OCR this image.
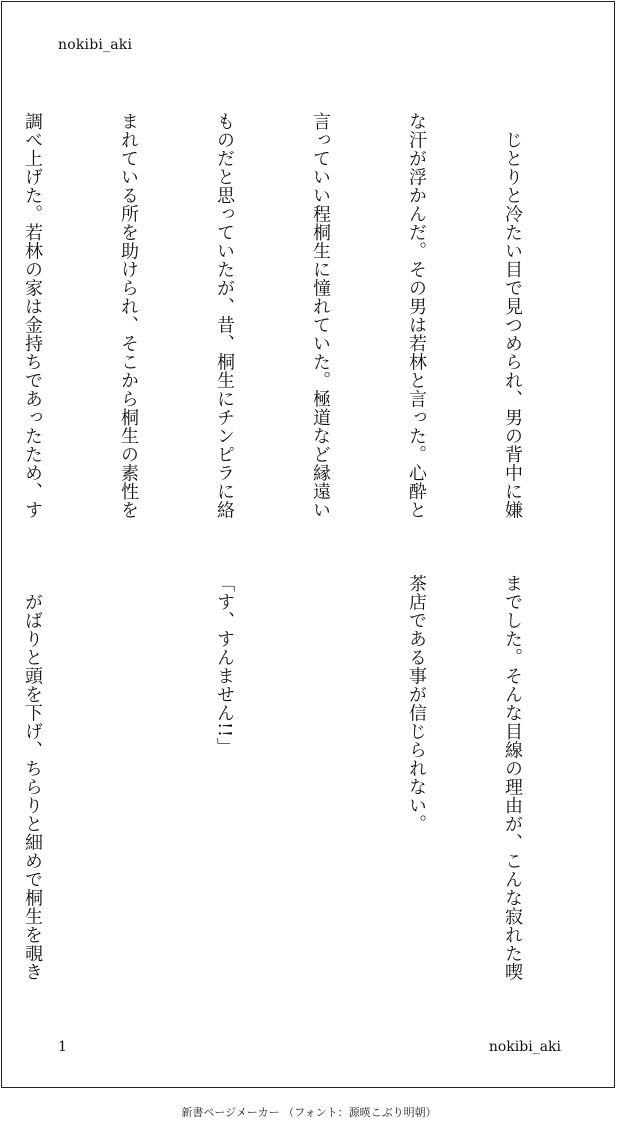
nokibi_aki

　じとりと冷たい目で見つめられ、男の背中に嫌

な汗が浮かんだ。その男は若林と言った。心酔と

言っていい程桐生に憧れていた。極道など縁遠い

ものだと思っていたが、昔、桐生にチンピラに絡

まれている所を助けられ、そこから桐生の素性を

調べ上げた。若林の家は金持ちであったため、す

までした。そんな目線の理由が、こんな寂れた喫

茶店である事が信じられない。

「す、すんません!!」

　がばりと頭を下げ、ちらりと細めで桐生を覗き

1	nokibi_aki
新書ページメーカー （フォント：源暎こぶり明朝）
